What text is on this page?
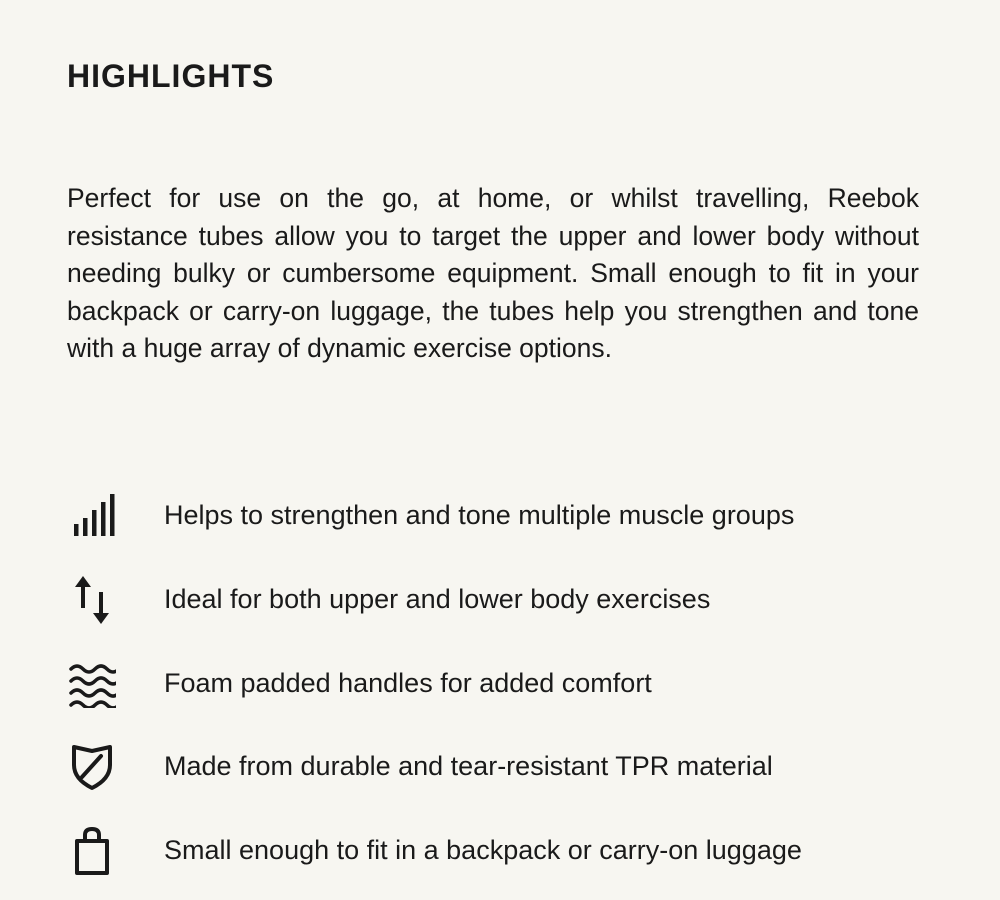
HIGHLIGHTS

Perfect for use on the go, at home, or whilst travelling, Reebok resistance tubes allow you to target the upper and lower body without needing bulky or cumbersome equipment. Small enough to fit in your backpack or carry-on luggage, the tubes help you strengthen and tone with a huge array of dynamic exercise options.

Helps to strengthen and tone multiple muscle groups
Ideal for both upper and lower body exercises
Foam padded handles for added comfort
Made from durable and tear-resistant TPR material
Small enough to fit in a backpack or carry-on luggage
